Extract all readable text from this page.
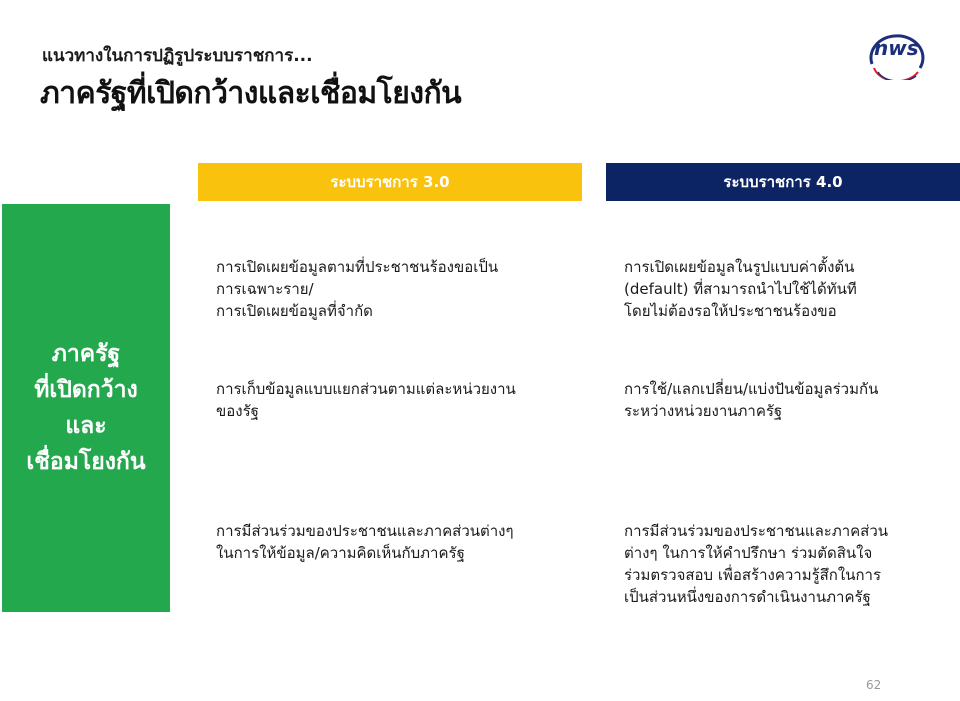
แนวทางในการปฏิรูประบบราชการ...
ภาครัฐที่เปิดกว้างและเชื่อมโยงกัน
nws
ระบบราชการ 3.0	ระบบราชการ 4.0
ภาครัฐ
ที่เปิดกว้าง
และ
เชื่อมโยงกัน
การเปิดเผยข้อมูลตามที่ประชาชนร้องขอเป็น
การเฉพาะราย/
การเปิดเผยข้อมูลที่จำกัด
การเปิดเผยข้อมูลในรูปแบบค่าตั้งต้น
(default) ที่สามารถนำไปใช้ได้ทันที
โดยไม่ต้องรอให้ประชาชนร้องขอ
การเก็บข้อมูลแบบแยกส่วนตามแต่ละหน่วยงาน
ของรัฐ
การใช้/แลกเปลี่ยน/แบ่งปันข้อมูลร่วมกัน
ระหว่างหน่วยงานภาครัฐ
การมีส่วนร่วมของประชาชนและภาคส่วนต่างๆ
ในการให้ข้อมูล/ความคิดเห็นกับภาครัฐ
การมีส่วนร่วมของประชาชนและภาคส่วน
ต่างๆ ในการให้คำปรึกษา ร่วมตัดสินใจ
ร่วมตรวจสอบ เพื่อสร้างความรู้สึกในการ
เป็นส่วนหนึ่งของการดำเนินงานภาครัฐ
62
